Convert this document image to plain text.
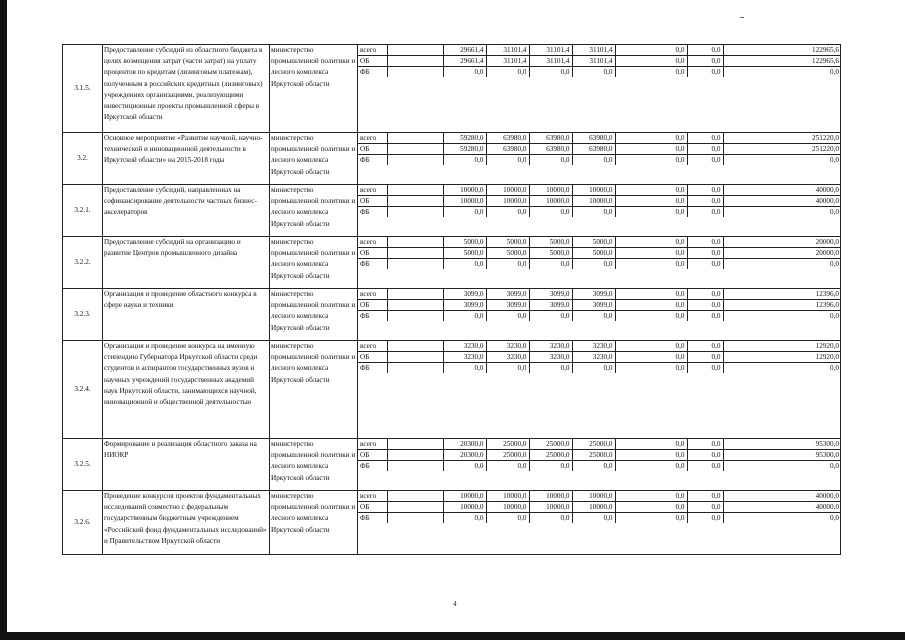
3.1.5.	Предоставление субсидий из областного бюджета в целях возмещения затрат (части затрат) на уплату процентов по кредитам (лизинговым платежам), полученным в российских кредитных (лизинговых) учреждениях организациями, реализующими инвестиционные проекты промышленной сферы в Иркутской области	министерство промышленной политики и лесного комплекса Иркутской области	
всего		29661,4	31101,4	31101,4	31101,4	0,0	0,0	122965,6
ОБ		29661,4	31101,4	31101,4	31101,4	0,0	0,0	122965,6
ФБ		0,0	0,0	0,0	0,0	0,0	0,0	0,0

3.2.	Основное мероприятие «Развитие научной, научно-технической и инновационной деятельности в Иркутской области» на 2015-2018 годы	министерство промышленной политики и лесного комплекса Иркутской области	
всего		59280,0	63980,0	63980,0	63980,0	0,0	0,0	251220,0
ОБ		59280,0	63980,0	63980,0	63980,0	0,0	0,0	251220,0
ФБ		0,0	0,0	0,0	0,0	0,0	0,0	0,0

3.2.1.	Предоставление субсидий, направленных на софинансирование деятельности частных бизнес-акселераторов	министерство промышленной политики и лесного комплекса Иркутской области	
всего		10000,0	10000,0	10000,0	10000,0	0,0	0,0	40000,0
ОБ		10000,0	10000,0	10000,0	10000,0	0,0	0,0	40000,0
ФБ		0,0	0,0	0,0	0,0	0,0	0,0	0,0

3.2.2.	Предоставление субсидий на организацию и развитие Центров промышленного дизайна	министерство промышленной политики и лесного комплекса Иркутской области	
всего		5000,0	5000,0	5000,0	5000,0	0,0	0,0	20000,0
ОБ		5000,0	5000,0	5000,0	5000,0	0,0	0,0	20000,0
ФБ		0,0	0,0	0,0	0,0	0,0	0,0	0,0

3.2.3.	Организация и проведение областного конкурса в сфере науки и техники	министерство промышленной политики и лесного комплекса Иркутской области	
всего		3099,0	3099,0	3099,0	3099,0	0,0	0,0	12396,0
ОБ		3099,0	3099,0	3099,0	3099,0	0,0	0,0	12396,0
ФБ		0,0	0,0	0,0	0,0	0,0	0,0	0,0

3.2.4.	Организация и проведение конкурса на именную стипендию Губернатора Иркутской области среди студентов и аспирантов государственных вузов и научных учреждений государственных академий наук Иркутской области, занимающихся научной, инновационной и общественной деятельностью	министерство промышленной политики и лесного комплекса Иркутской области	
всего		3230,0	3230,0	3230,0	3230,0	0,0	0,0	12920,0
ОБ		3230,0	3230,0	3230,0	3230,0	0,0	0,0	12920,0
ФБ		0,0	0,0	0,0	0,0	0,0	0,0	0,0

3.2.5.	Формирование и реализация областного заказа на НИОКР	министерство промышленной политики и лесного комплекса Иркутской области	
всего		20300,0	25000,0	25000,0	25000,0	0,0	0,0	95300,0
ОБ		20300,0	25000,0	25000,0	25000,0	0,0	0,0	95300,0
ФБ		0,0	0,0	0,0	0,0	0,0	0,0	0,0

3.2.6.	Проведение конкурсов проектов фундаментальных исследований совместно с федеральным государственным бюджетным учреждением «Российский фонд фундаментальных исследований» и Правительством Иркутской области	министерство промышленной политики и лесного комплекса Иркутской области	
всего		10000,0	10000,0	10000,0	10000,0	0,0	0,0	40000,0
ОБ		10000,0	10000,0	10000,0	10000,0	0,0	0,0	40000,0
ФБ		0,0	0,0	0,0	0,0	0,0	0,0	0,0
4
